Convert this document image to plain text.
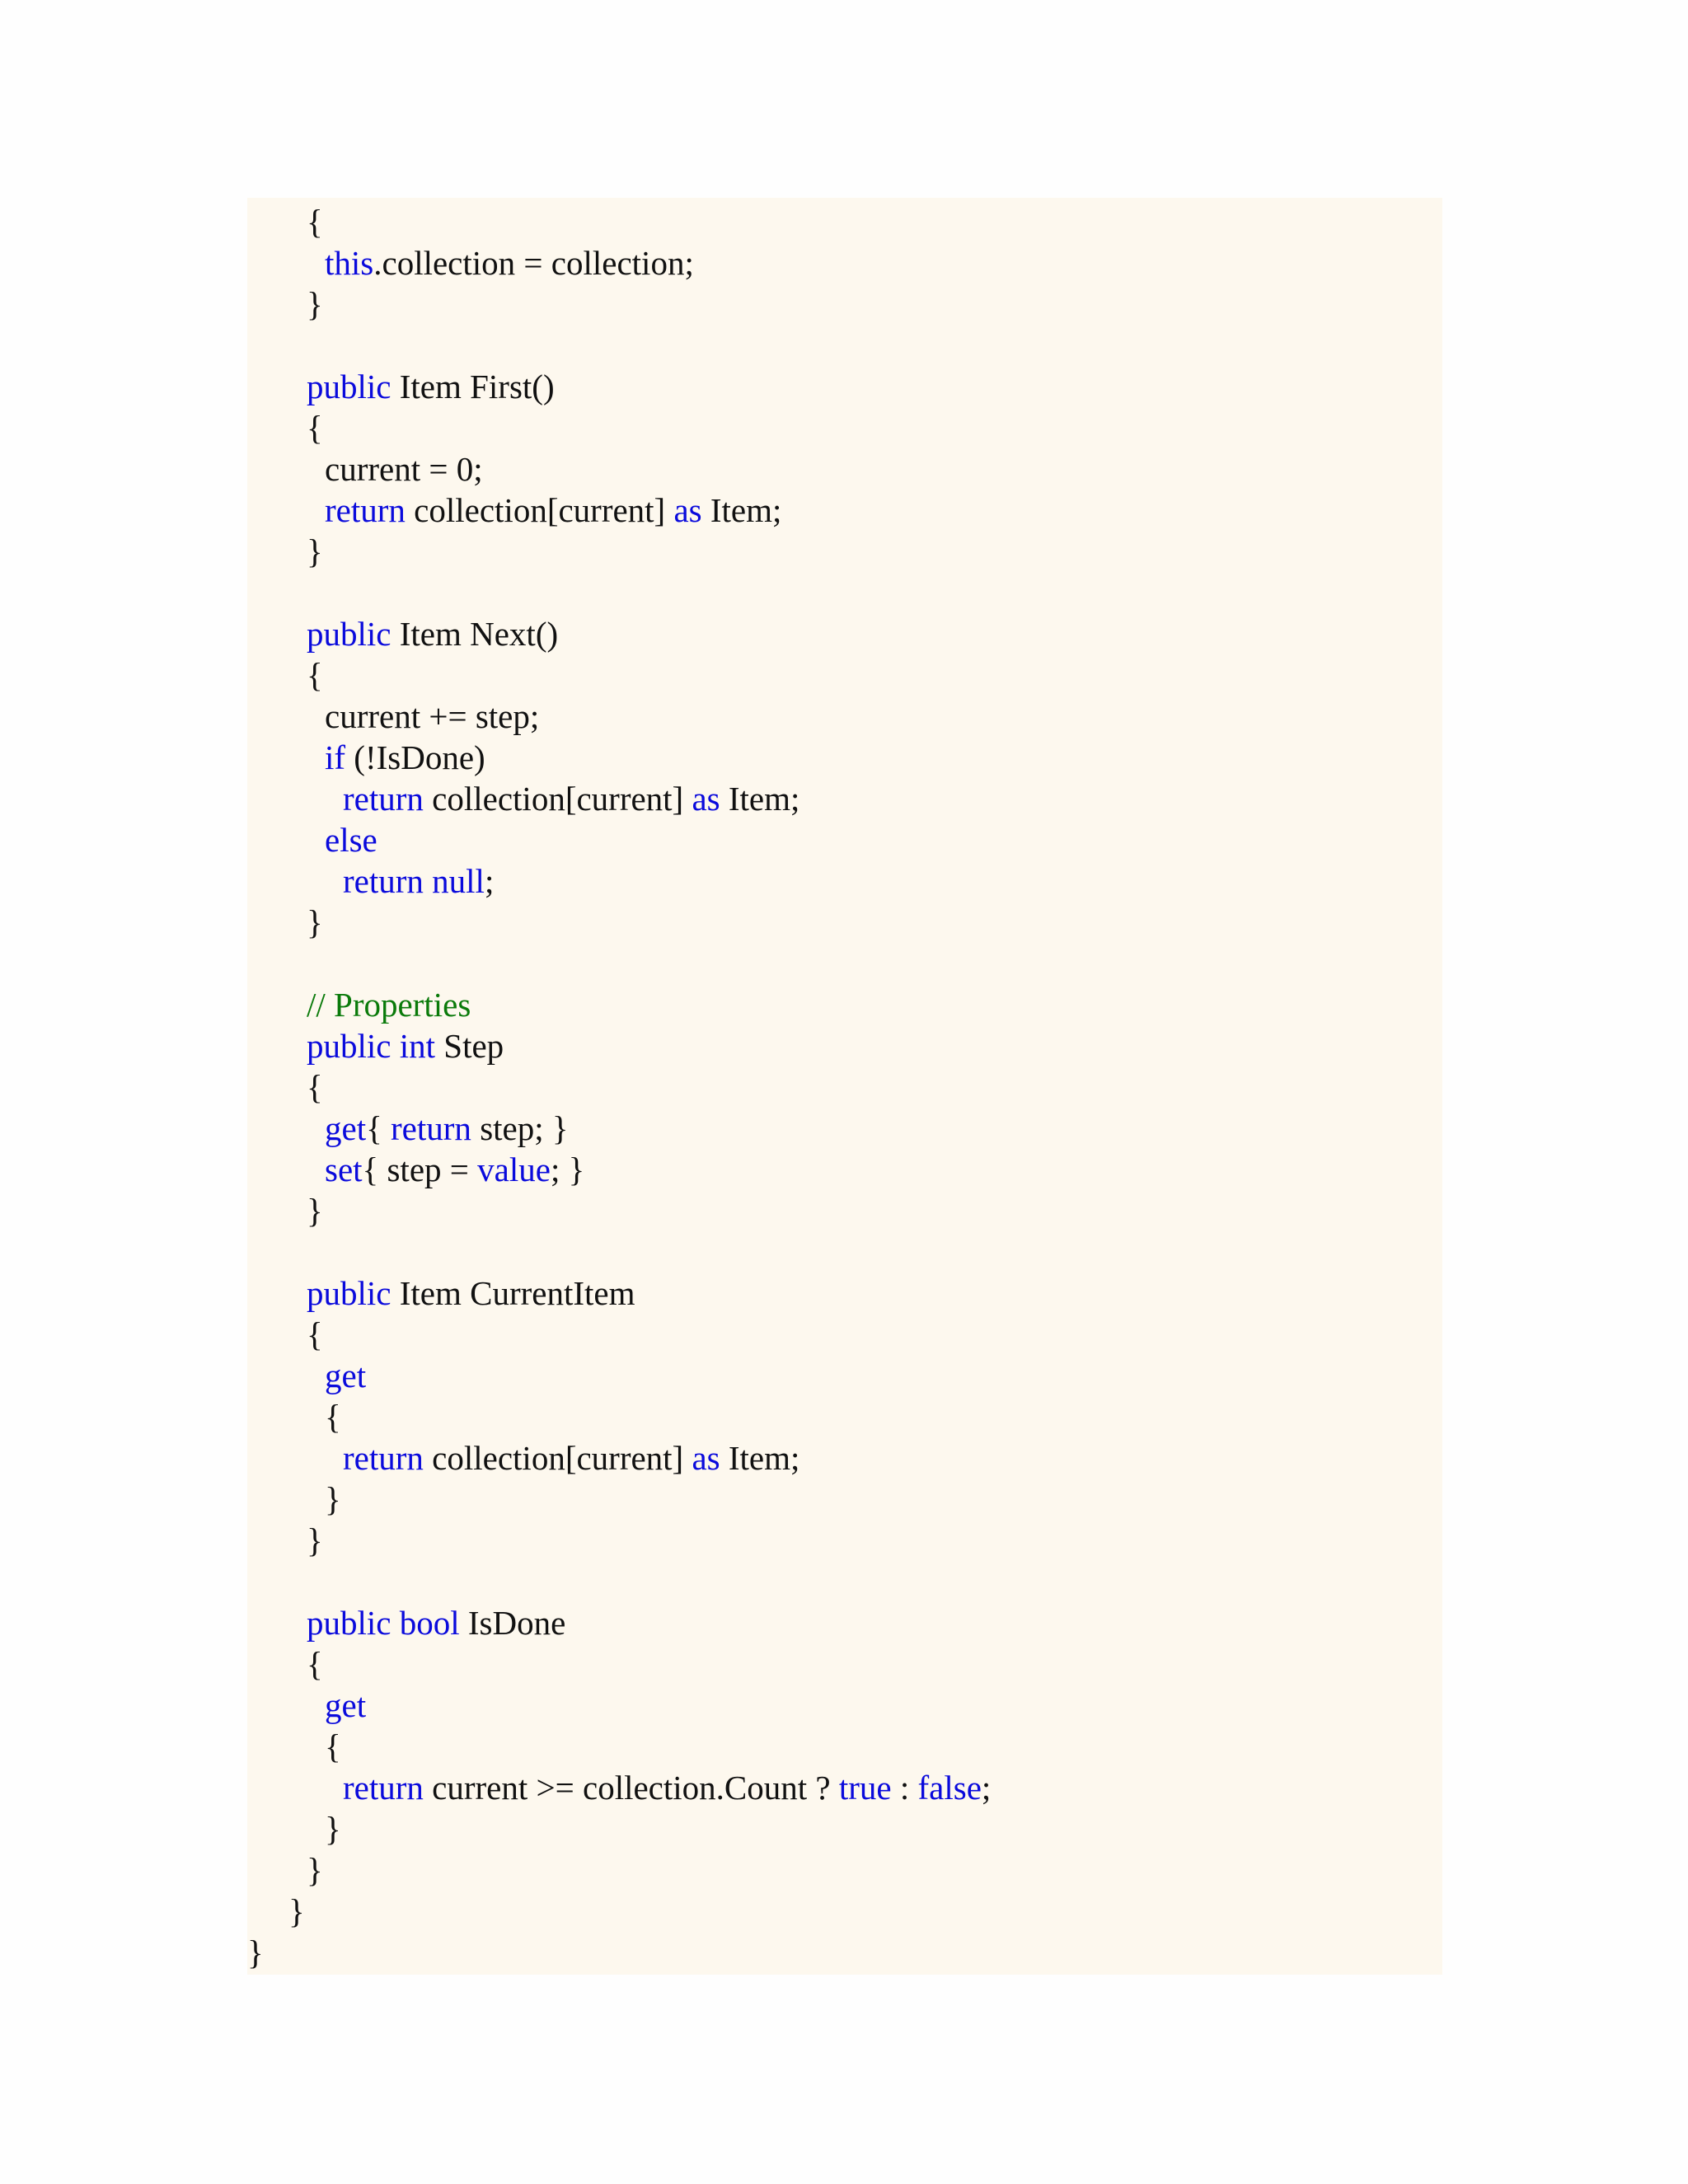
{
this.collection = collection;
}
public Item First()
{
current = 0;
return collection[current] as Item;
}
public Item Next()
{
current += step;
if (!IsDone)
return collection[current] as Item;
else
return null;
}
// Properties
public int Step
{
get{ return step; }
set{ step = value; }
}
public Item CurrentItem
{
get
{
return collection[current] as Item;
}
}
public bool IsDone
{
get
{
return current >= collection.Count ? true : false;
}
}
}
}
